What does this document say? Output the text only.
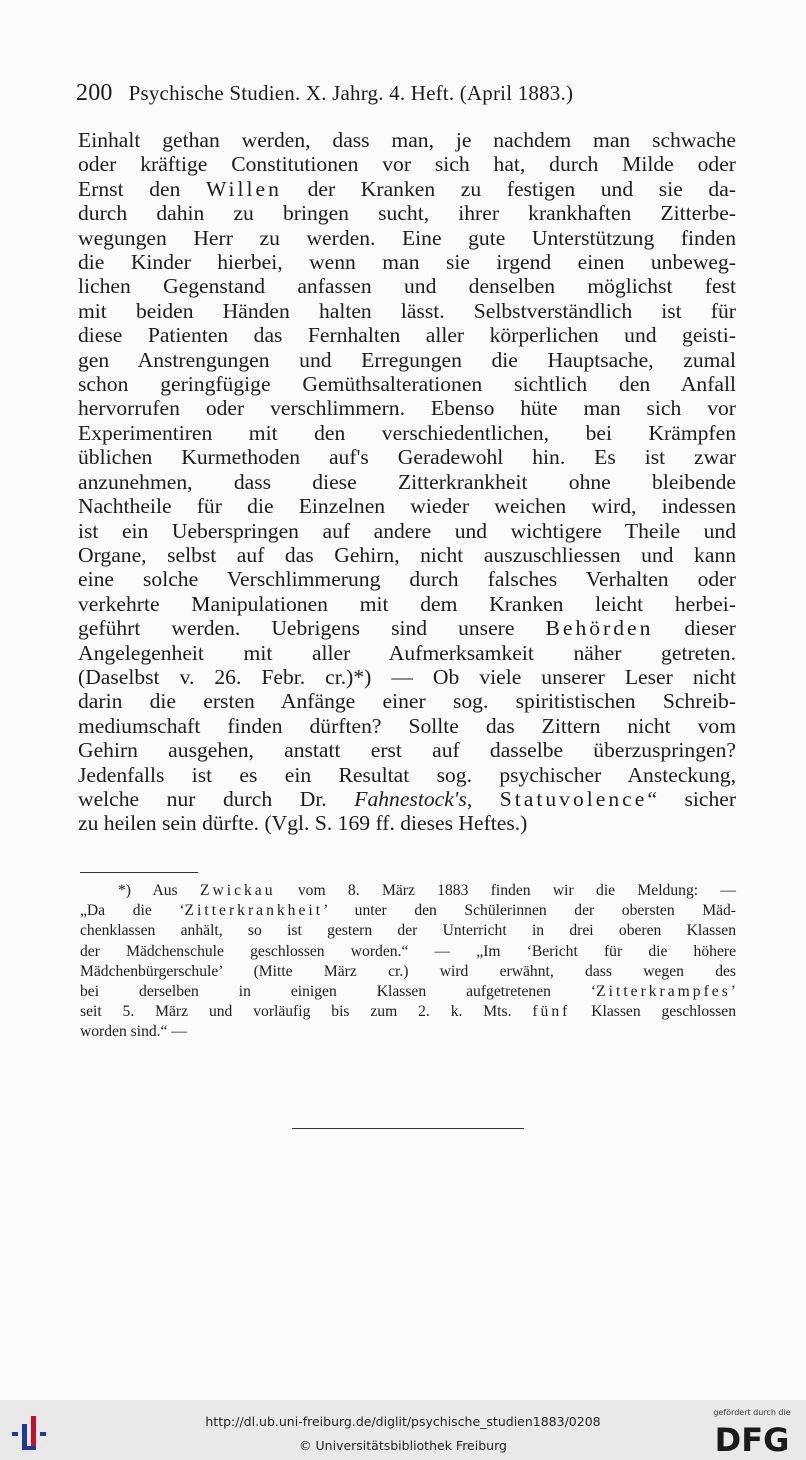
200 Psychische Studien. X. Jahrg. 4. Heft. (April 1883.)
Einhalt gethan werden, dass man, je nachdem man schwache
oder kräftige Constitutionen vor sich hat, durch Milde oder
Ernst den Willen der Kranken zu festigen und sie da-
durch dahin zu bringen sucht, ihrer krankhaften Zitterbe-
wegungen Herr zu werden. Eine gute Unterstützung finden
die Kinder hierbei, wenn man sie irgend einen unbeweg-
lichen Gegenstand anfassen und denselben möglichst fest
mit beiden Händen halten lässt. Selbstverständlich ist für
diese Patienten das Fernhalten aller körperlichen und geisti-
gen Anstrengungen und Erregungen die Hauptsache, zumal
schon geringfügige Gemüthsalterationen sichtlich den Anfall
hervorrufen oder verschlimmern. Ebenso hüte man sich vor
Experimentiren mit den verschiedentlichen, bei Krämpfen
üblichen Kurmethoden auf's Geradewohl hin. Es ist zwar
anzunehmen, dass diese Zitterkrankheit ohne bleibende
Nachtheile für die Einzelnen wieder weichen wird, indessen
ist ein Ueberspringen auf andere und wichtigere Theile und
Organe, selbst auf das Gehirn, nicht auszuschliessen und kann
eine solche Verschlimmerung durch falsches Verhalten oder
verkehrte Manipulationen mit dem Kranken leicht herbei-
geführt werden. Uebrigens sind unsere Behörden dieser
Angelegenheit mit aller Aufmerksamkeit näher getreten.
(Daselbst v. 26. Febr. cr.)*) — Ob viele unserer Leser nicht
darin die ersten Anfänge einer sog. spiritistischen Schreib-
mediumschaft finden dürften? Sollte das Zittern nicht vom
Gehirn ausgehen, anstatt erst auf dasselbe überzuspringen?
Jedenfalls ist es ein Resultat sog. psychischer Ansteckung,
welche nur durch Dr. Fahnestock's, Statuvolence“ sicher
zu heilen sein dürfte. (Vgl. S. 169 ff. dieses Heftes.)
*) Aus Zwickau vom 8. März 1883 finden wir die Meldung: —
„Da die ‘Zitterkrankheit’ unter den Schülerinnen der obersten Mäd-
chenklassen anhält, so ist gestern der Unterricht in drei oberen Klassen
der Mädchenschule geschlossen worden.“ — „Im ‘Bericht für die höhere
Mädchenbürgerschule’ (Mitte März cr.) wird erwähnt, dass wegen des
bei derselben in einigen Klassen aufgetretenen ‘Zitterkrampfes’
seit 5. März und vorläufig bis zum 2. k. Mts. fünf Klassen geschlossen
worden sind.“ —
http://dl.ub.uni-freiburg.de/diglit/psychische_studien1883/0208
© Universitätsbibliothek Freiburg
gefördert durch die
DFG
